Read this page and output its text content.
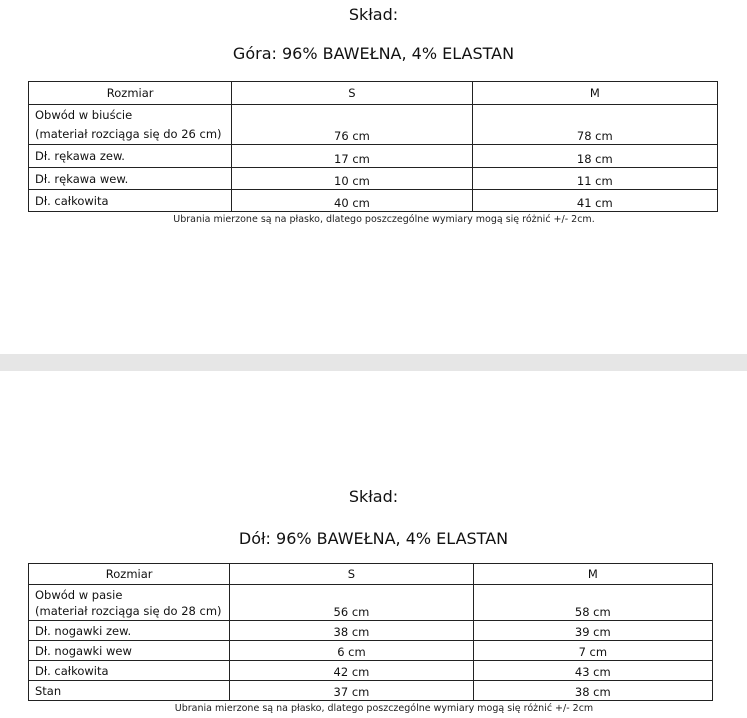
Skład:
Góra: 96% BAWEŁNA, 4% ELASTAN
Rozmiar	S	M

Obwód w biuście
(materiał rozciąga się do 26 cm)	76 cm	78 cm
Dł. rękawa zew.	17 cm	18 cm
Dł. rękawa wew.	10 cm	11 cm
Dł. całkowita	40 cm	41 cm
Ubrania mierzone są na płasko, dlatego poszczególne wymiary mogą się różnić +/- 2cm.
Skład:
Dół: 96% BAWEŁNA, 4% ELASTAN
Rozmiar	S	M

Obwód w pasie
(materiał rozciąga się do 28 cm)	56 cm	58 cm
Dł. nogawki zew.	38 cm	39 cm
Dł. nogawki wew	6 cm	7 cm
Dł. całkowita	42 cm	43 cm
Stan	37 cm	38 cm
Ubrania mierzone są na płasko, dlatego poszczególne wymiary mogą się różnić +/- 2cm
